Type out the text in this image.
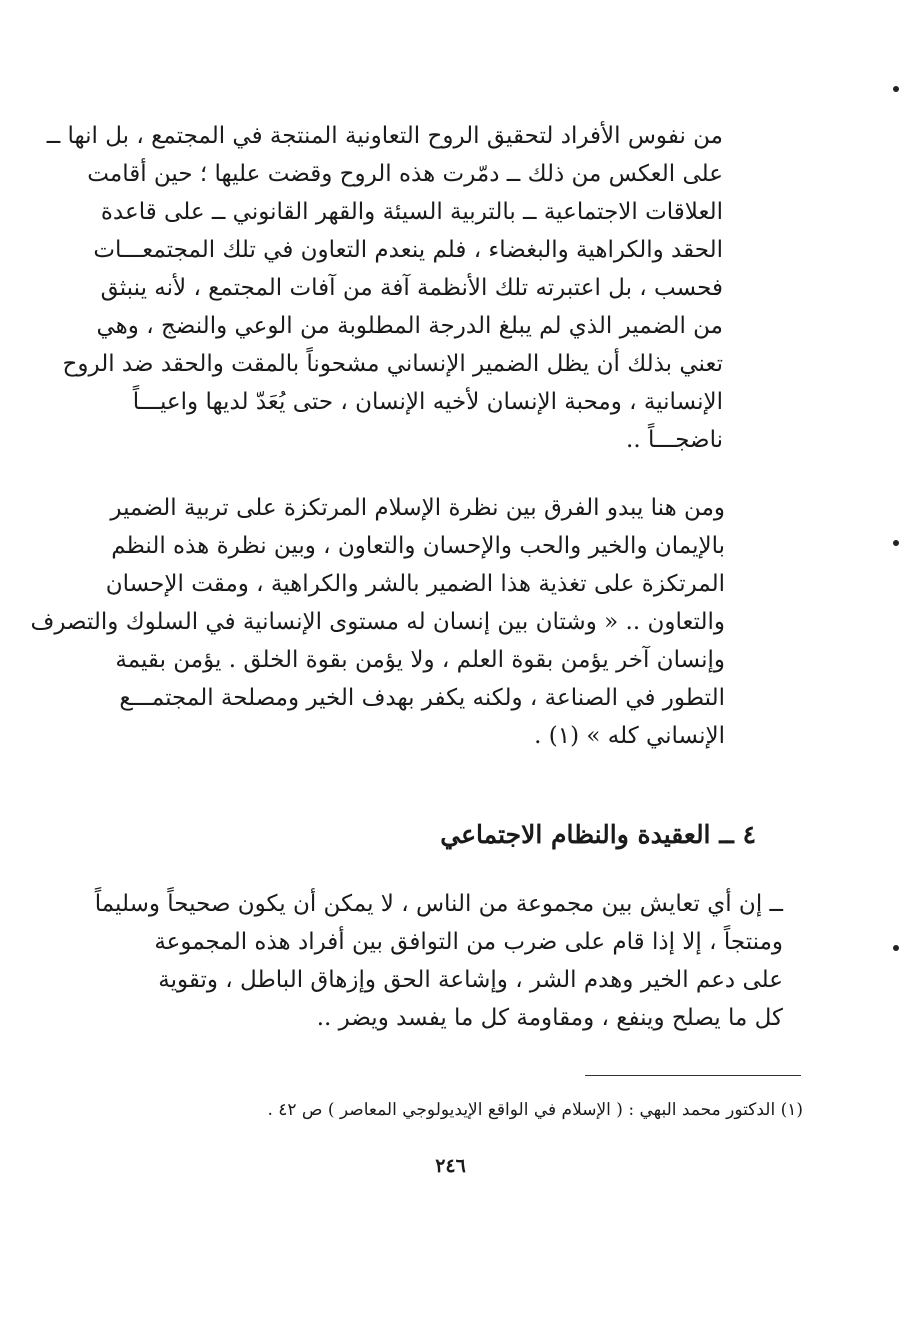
من نفوس الأفراد لتحقيق الروح التعاونية المنتجة في المجتمع ، بل انها ــ
على العكس من ذلك ــ دمّرت هذه الروح وقضت عليها ؛ حين أقامت
العلاقات الاجتماعية ــ بالتربية السيئة والقهر القانوني ــ على قاعدة
الحقد والكراهية والبغضاء ، فلم ينعدم التعاون في تلك المجتمعـــات
فحسب ، بل اعتبرته تلك الأنظمة آفة من آفات المجتمع ، لأنه ينبثق
من الضمير الذي لم يبلغ الدرجة المطلوبة من الوعي والنضج ، وهي
تعني بذلك أن يظل الضمير الإنساني مشحوناً بالمقت والحقد ضد الروح
الإنسانية ، ومحبة الإنسان لأخيه الإنسان ، حتى يُعَدّ لديها واعيـــاً
ناضجـــاً ..
ومن هنا يبدو الفرق بين نظرة الإسلام المرتكزة على تربية الضمير
بالإيمان والخير والحب والإحسان والتعاون ، وبين نظرة هذه النظم
المرتكزة على تغذية هذا الضمير بالشر والكراهية ، ومقت الإحسان
والتعاون .. « وشتان بين إنسان له مستوى الإنسانية في السلوك والتصرف
وإنسان آخر يؤمن بقوة العلم ، ولا يؤمن بقوة الخلق . يؤمن بقيمة
التطور في الصناعة ، ولكنه يكفر بهدف الخير ومصلحة المجتمـــع
الإنساني كله » (١) .
٤ ــ العقيدة والنظام الاجتماعي
ــ إن أي تعايش بين مجموعة من الناس ، لا يمكن أن يكون صحيحاً وسليماً
ومنتجاً ، إلا إذا قام على ضرب من التوافق بين أفراد هذه المجموعة
على دعم الخير وهدم الشر ، وإشاعة الحق وإزهاق الباطل ، وتقوية
كل ما يصلح وينفع ، ومقاومة كل ما يفسد ويضر ..
(١) الدكتور محمد البهي : ( الإسلام في الواقع الإيديولوجي المعاصر ) ص ٤٢ .
٢٤٦
